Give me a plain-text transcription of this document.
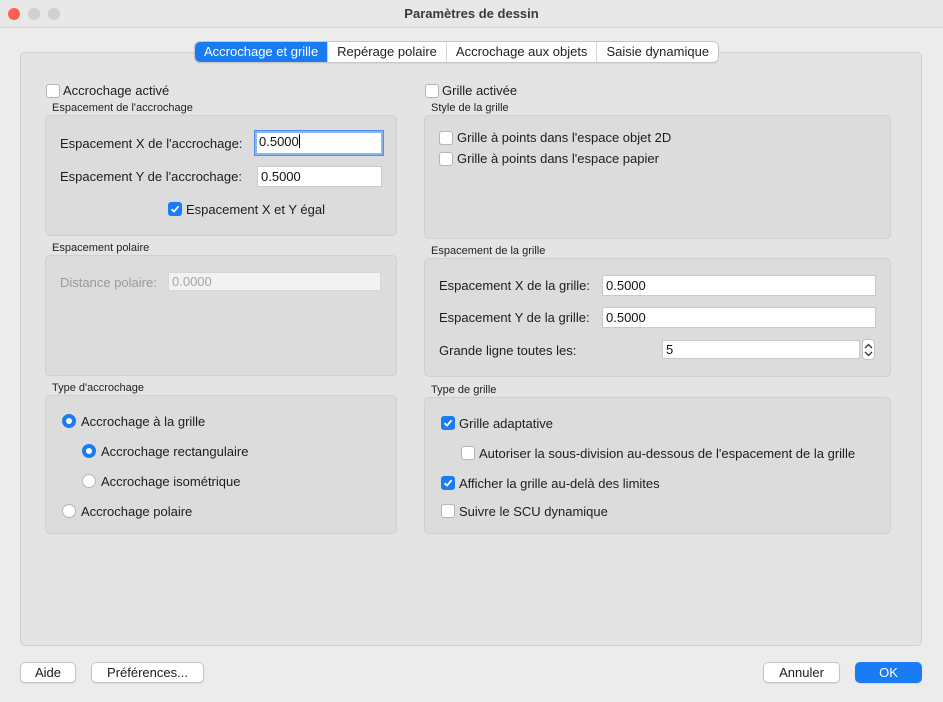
Paramètres de dessin
Accrochage et grille	Repérage polaire	Accrochage aux objets	Saisie dynamique
Accrochage activé
Espacement de l'accrochage
Espacement X de l'accrochage:	0.5000
Espacement Y de l'accrochage:	0.5000
Espacement X et Y égal
Espacement polaire
Distance polaire:	0.0000
Type d'accrochage
Accrochage à la grille
Accrochage rectangulaire
Accrochage isométrique
Accrochage polaire
Grille activée
Style de la grille
Grille à points dans l'espace objet 2D
Grille à points dans l'espace papier
Espacement de la grille
Espacement X de la grille:	0.5000
Espacement Y de la grille:	0.5000
Grande ligne toutes les:	5
Type de grille
Grille adaptative
Autoriser la sous-division au-dessous de l'espacement de la grille
Afficher la grille au-delà des limites
Suivre le SCU dynamique
Aide	Préférences...	Annuler	OK
